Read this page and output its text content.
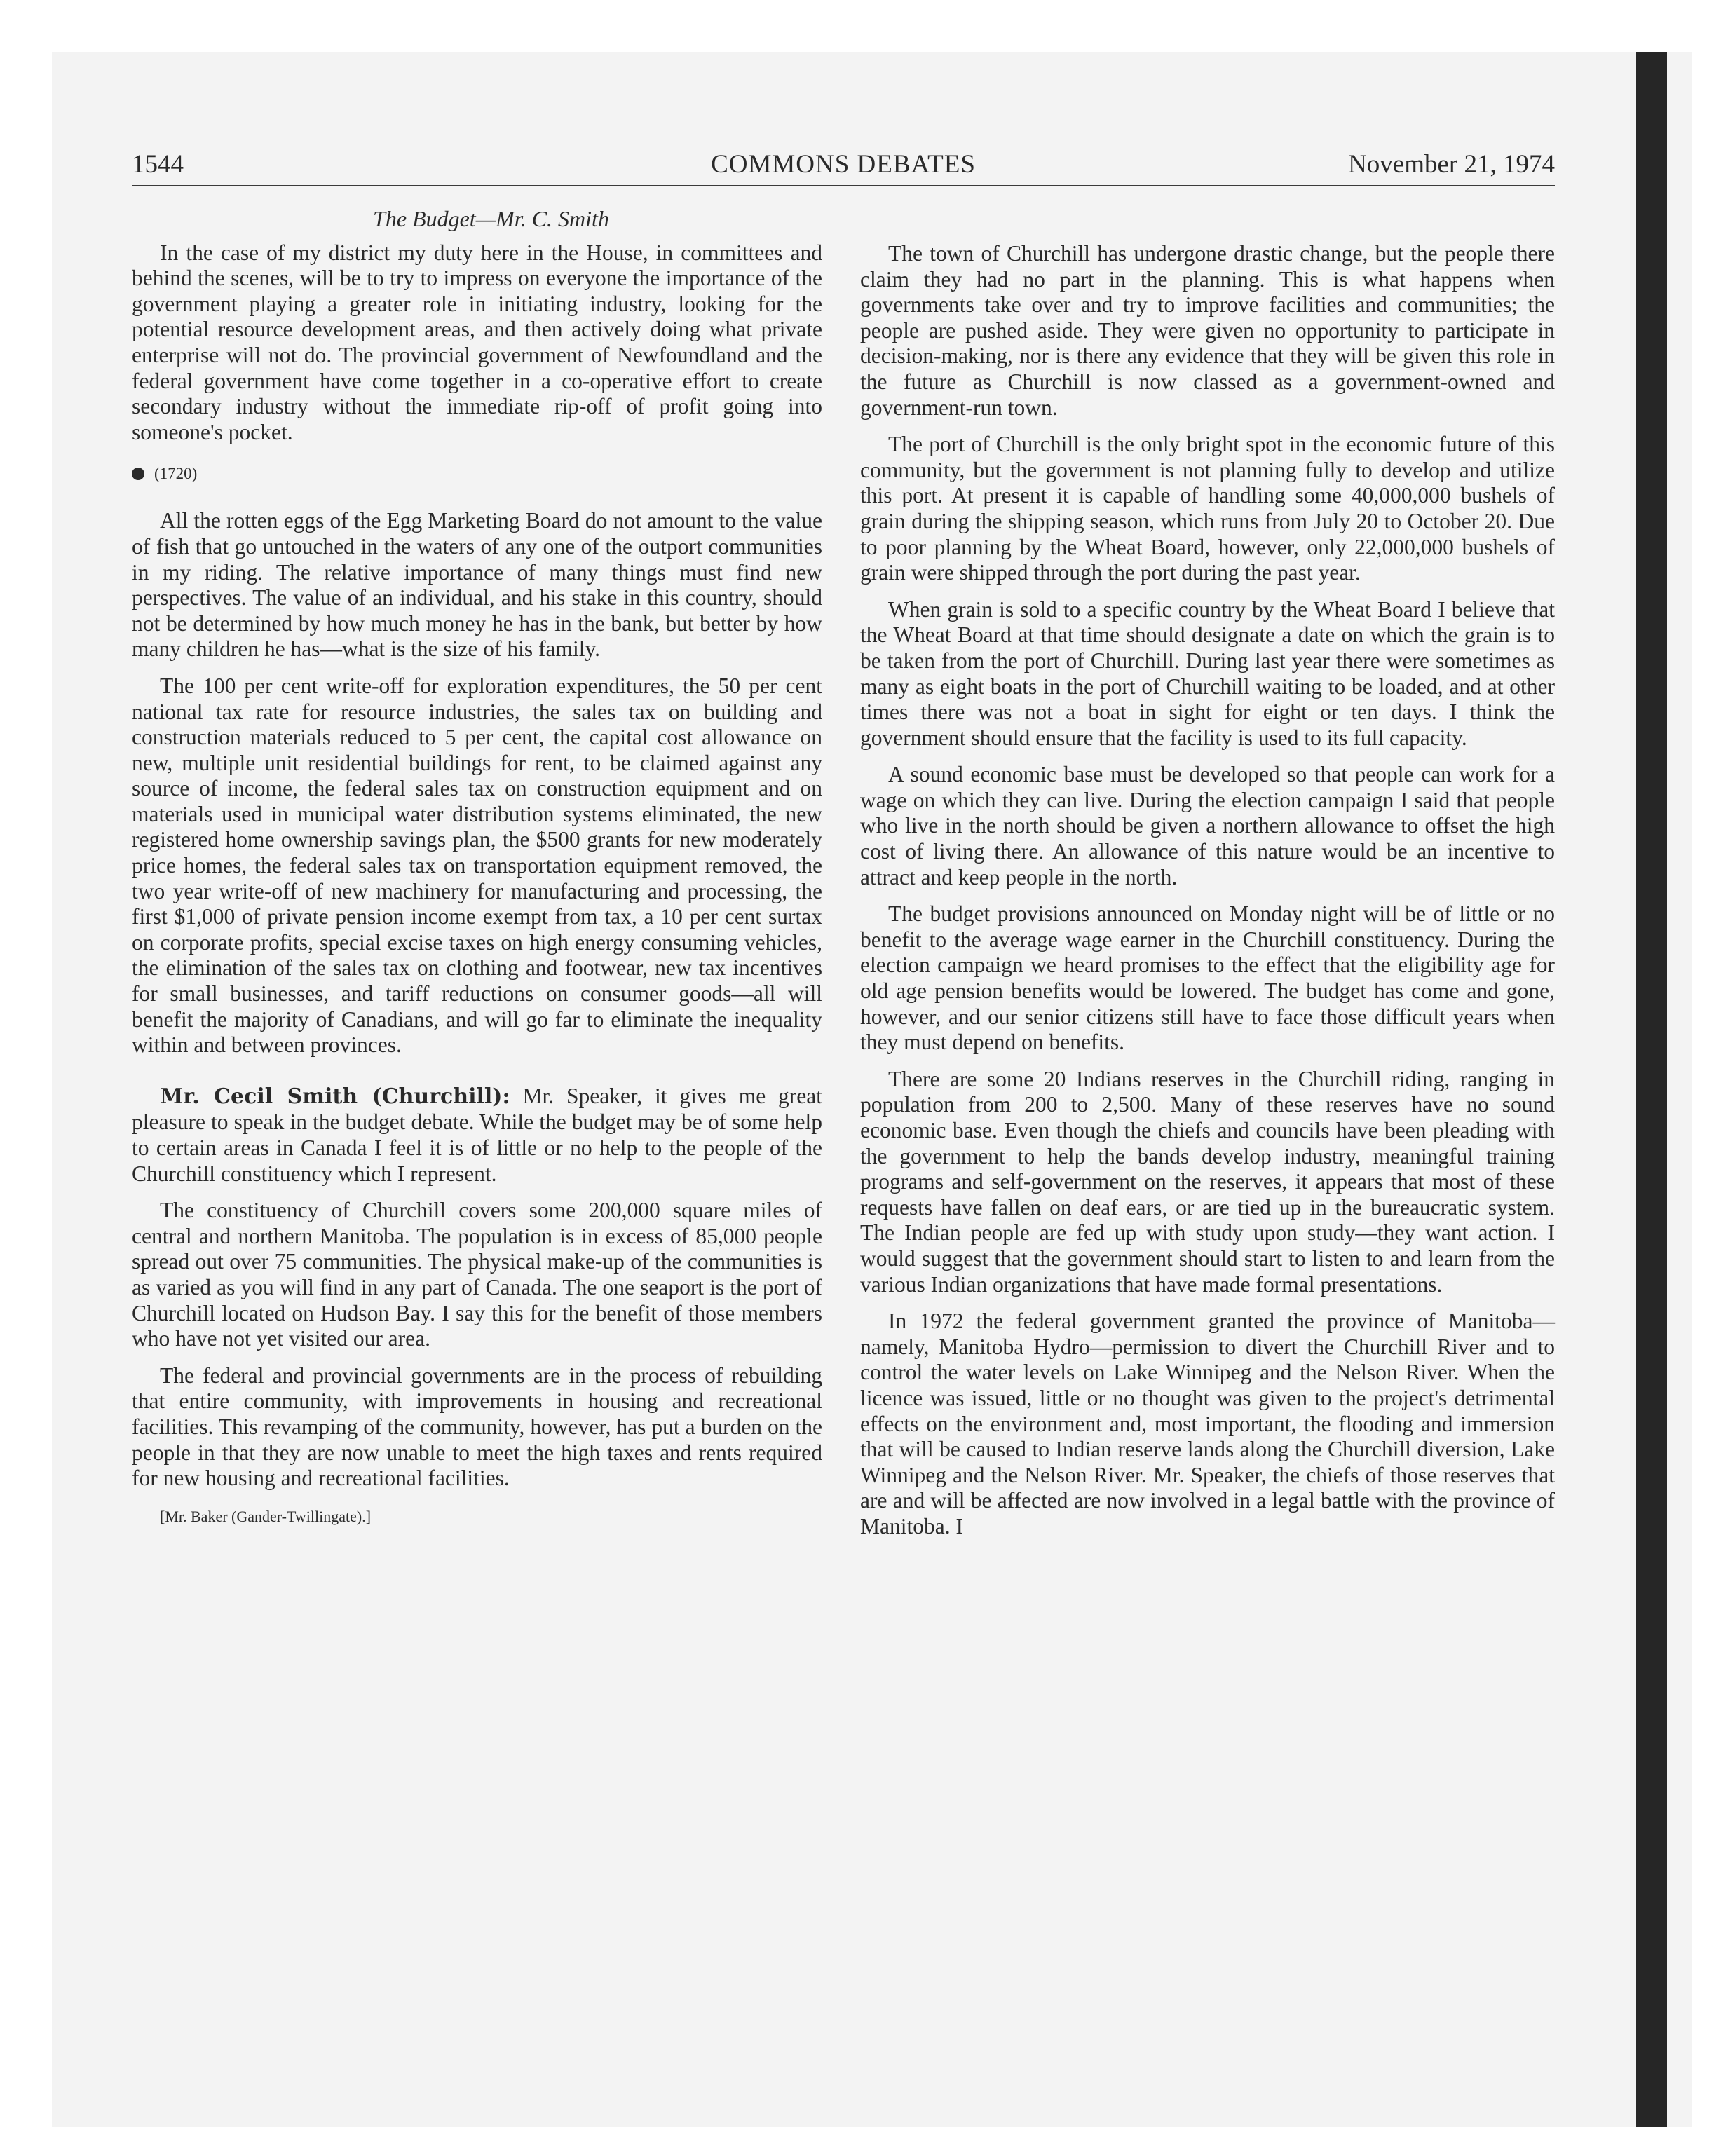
1544	COMMONS DEBATES	November 21, 1974
The Budget—Mr. C. Smith

In the case of my district my duty here in the House, in committees and behind the scenes, will be to try to impress on everyone the importance of the government playing a greater role in initiating industry, looking for the potential resource development areas, and then actively doing what private enterprise will not do. The provincial government of Newfoundland and the federal government have come together in a co-operative effort to create secondary industry without the immediate rip-off of profit going into someone's pocket.

(1720)

All the rotten eggs of the Egg Marketing Board do not amount to the value of fish that go untouched in the waters of any one of the outport communities in my riding. The relative importance of many things must find new perspectives. The value of an individual, and his stake in this country, should not be determined by how much money he has in the bank, but better by how many children he has—what is the size of his family.

The 100 per cent write-off for exploration expenditures, the 50 per cent national tax rate for resource industries, the sales tax on building and construction materials reduced to 5 per cent, the capital cost allowance on new, multiple unit residential buildings for rent, to be claimed against any source of income, the federal sales tax on construction equipment and on materials used in municipal water distribution systems eliminated, the new registered home ownership savings plan, the $500 grants for new moderately price homes, the federal sales tax on transportation equipment removed, the two year write-off of new machinery for manufacturing and processing, the first $1,000 of private pension income exempt from tax, a 10 per cent surtax on corporate profits, special excise taxes on high energy consuming vehicles, the elimination of the sales tax on clothing and footwear, new tax incentives for small businesses, and tariff reductions on consumer goods—all will benefit the majority of Canadians, and will go far to eliminate the inequality within and between provinces.

Mr. Cecil Smith (Churchill): Mr. Speaker, it gives me great pleasure to speak in the budget debate. While the budget may be of some help to certain areas in Canada I feel it is of little or no help to the people of the Churchill constituency which I represent.

The constituency of Churchill covers some 200,000 square miles of central and northern Manitoba. The population is in excess of 85,000 people spread out over 75 communities. The physical make-up of the communities is as varied as you will find in any part of Canada. The one seaport is the port of Churchill located on Hudson Bay. I say this for the benefit of those members who have not yet visited our area.

The federal and provincial governments are in the process of rebuilding that entire community, with improvements in housing and recreational facilities. This revamping of the community, however, has put a burden on the people in that they are now unable to meet the high taxes and rents required for new housing and recreational facilities.

[Mr. Baker (Gander-Twillingate).]

The town of Churchill has undergone drastic change, but the people there claim they had no part in the planning. This is what happens when governments take over and try to improve facilities and communities; the people are pushed aside. They were given no opportunity to participate in decision-making, nor is there any evidence that they will be given this role in the future as Churchill is now classed as a government-owned and government-run town.

The port of Churchill is the only bright spot in the economic future of this community, but the government is not planning fully to develop and utilize this port. At present it is capable of handling some 40,000,000 bushels of grain during the shipping season, which runs from July 20 to October 20. Due to poor planning by the Wheat Board, however, only 22,000,000 bushels of grain were shipped through the port during the past year.

When grain is sold to a specific country by the Wheat Board I believe that the Wheat Board at that time should designate a date on which the grain is to be taken from the port of Churchill. During last year there were sometimes as many as eight boats in the port of Churchill waiting to be loaded, and at other times there was not a boat in sight for eight or ten days. I think the government should ensure that the facility is used to its full capacity.

A sound economic base must be developed so that people can work for a wage on which they can live. During the election campaign I said that people who live in the north should be given a northern allowance to offset the high cost of living there. An allowance of this nature would be an incentive to attract and keep people in the north.

The budget provisions announced on Monday night will be of little or no benefit to the average wage earner in the Churchill constituency. During the election campaign we heard promises to the effect that the eligibility age for old age pension benefits would be lowered. The budget has come and gone, however, and our senior citizens still have to face those difficult years when they must depend on benefits.

There are some 20 Indians reserves in the Churchill riding, ranging in population from 200 to 2,500. Many of these reserves have no sound economic base. Even though the chiefs and councils have been pleading with the government to help the bands develop industry, meaningful training programs and self-government on the reserves, it appears that most of these requests have fallen on deaf ears, or are tied up in the bureaucratic system. The Indian people are fed up with study upon study—they want action. I would suggest that the government should start to listen to and learn from the various Indian organizations that have made formal presentations.

In 1972 the federal government granted the province of Manitoba—namely, Manitoba Hydro—permission to divert the Churchill River and to control the water levels on Lake Winnipeg and the Nelson River. When the licence was issued, little or no thought was given to the project's detrimental effects on the environment and, most important, the flooding and immersion that will be caused to Indian reserve lands along the Churchill diversion, Lake Winnipeg and the Nelson River. Mr. Speaker, the chiefs of those reserves that are and will be affected are now involved in a legal battle with the province of Manitoba. I
